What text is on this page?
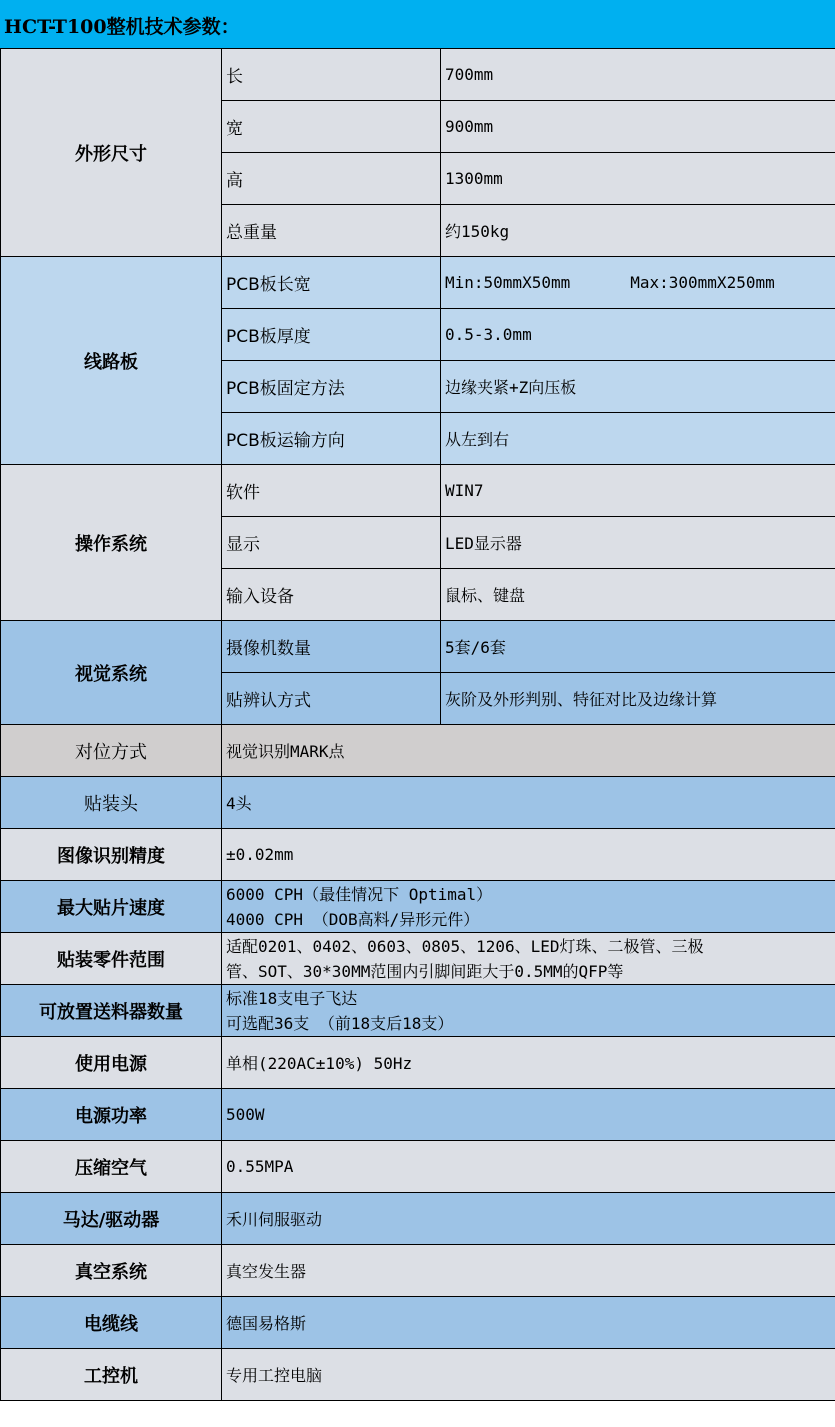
HCT-T100整机技术参数：
外形尺寸	长	700mm
	宽	900mm
	高	1300mm
	总重量	约150kg
线路板	PCB板长宽	Min:50mmX50mm Max:300mmX250mm
	PCB板厚度	0.5-3.0mm
	PCB板固定方法	边缘夹紧+Z向压板
	PCB板运输方向	从左到右
操作系统	软件	WIN7
	显示	LED显示器
	输入设备	鼠标、键盘
视觉系统	摄像机数量	5套/6套
	贴辨认方式	灰阶及外形判别、特征对比及边缘计算
对位方式	视觉识别MARK点	
贴装头	4头	
图像识别精度	±0.02mm	
最大贴片速度	6000 CPH（最佳情况下 Optimal）
4000 CPH （DOB高料/异形元件）	

贴装零件范围	适配0201、0402、0603、0805、1206、LED灯珠、二极管、三极
管、SOT、30*30MM范围内引脚间距大于0.5MM的QFP等	

可放置送料器数量	标准18支电子飞达
可选配36支 （前18支后18支）	

使用电源	单相(220AC±10%) 50Hz	
电源功率	500W	
压缩空气	0.55MPA	
马达/驱动器	禾川伺服驱动	
真空系统	真空发生器	
电缆线	德国易格斯	
工控机	专用工控电脑	
